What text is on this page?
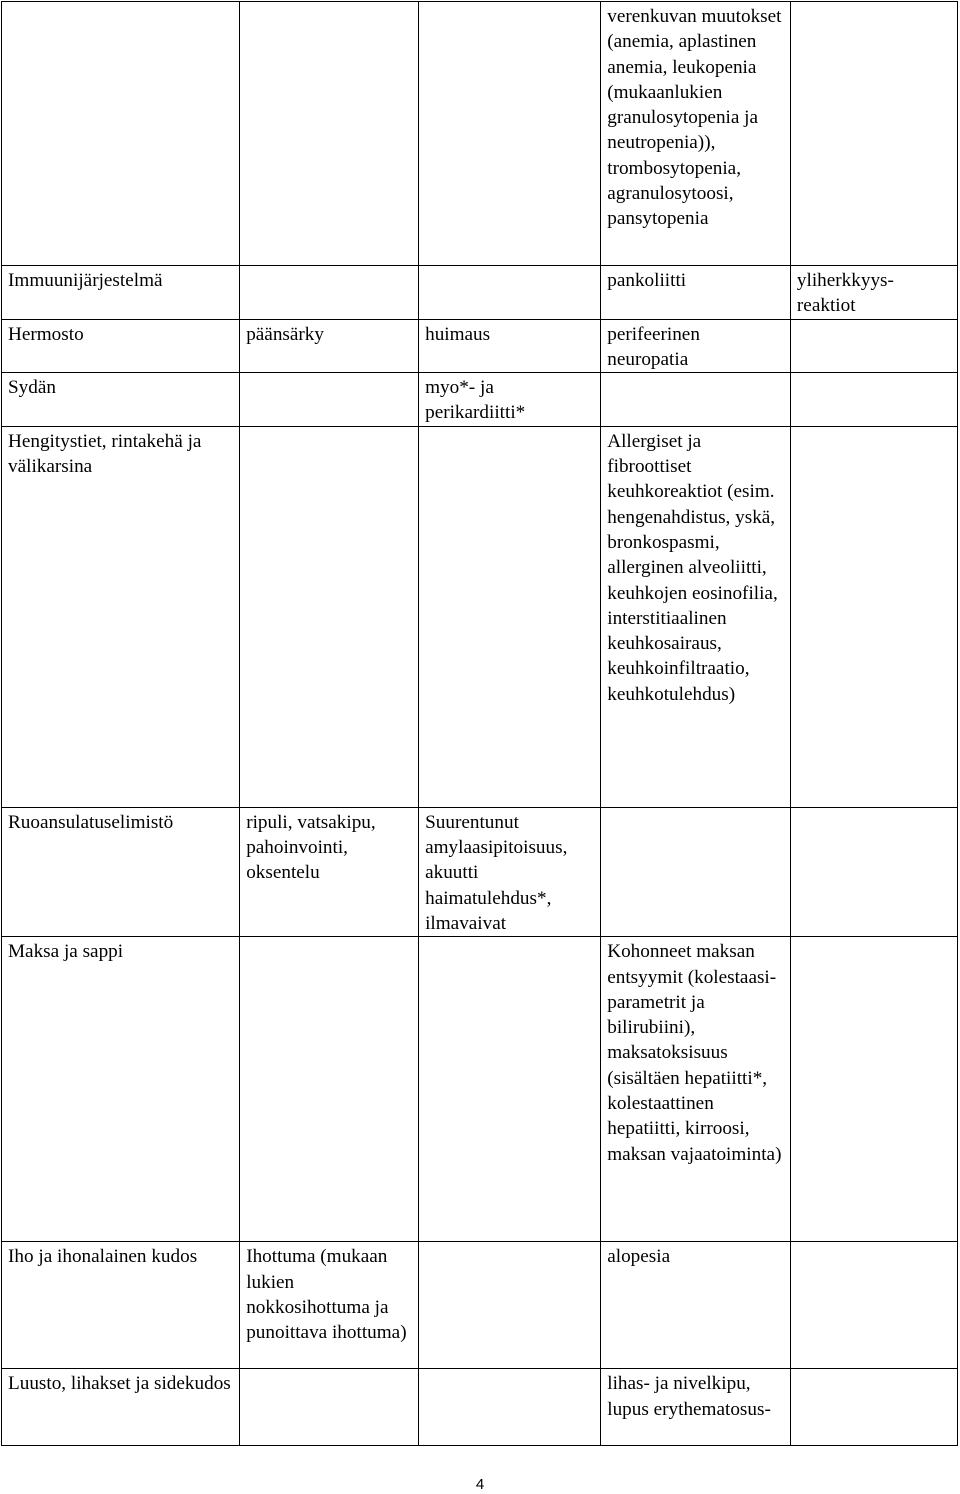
			verenkuvan muutokset (anemia, aplastinen anemia, leukopenia (mukaanlukien granulosytopenia ja neutropenia)), trombosytopenia, agranulosytoosi, pansytopenia	
Immuunijärjestelmä			pankoliitti	yliherkkyys-reaktiot
Hermosto	päänsärky	huimaus	perifeerinen neuropatia	
Sydän		myo*- ja perikardiitti*		
Hengitystiet, rintakehä ja välikarsina			Allergiset ja fibroottiset keuhkoreaktiot (esim. hengenahdistus, yskä, bronkospasmi, allerginen alveoliitti, keuhkojen eosinofilia, interstitiaalinen keuhkosairaus, keuhkoinfiltraatio, keuhkotulehdus)	
Ruoansulatuselimistö	ripuli, vatsakipu, pahoinvointi, oksentelu	Suurentunut amylaasipitoisuus, akuutti haimatulehdus*, ilmavaivat		
Maksa ja sappi			Kohonneet maksan entsyymit (kolestaasi-parametrit ja bilirubiini), maksatoksisuus (sisältäen hepatiitti*, kolestaattinen hepatiitti, kirroosi, maksan vajaatoiminta)	
Iho ja ihonalainen kudos	Ihottuma (mukaan lukien nokkosihottuma ja punoittava ihottuma)		alopesia	
Luusto, lihakset ja sidekudos			lihas- ja nivelkipu, lupus erythematosus-	
4
